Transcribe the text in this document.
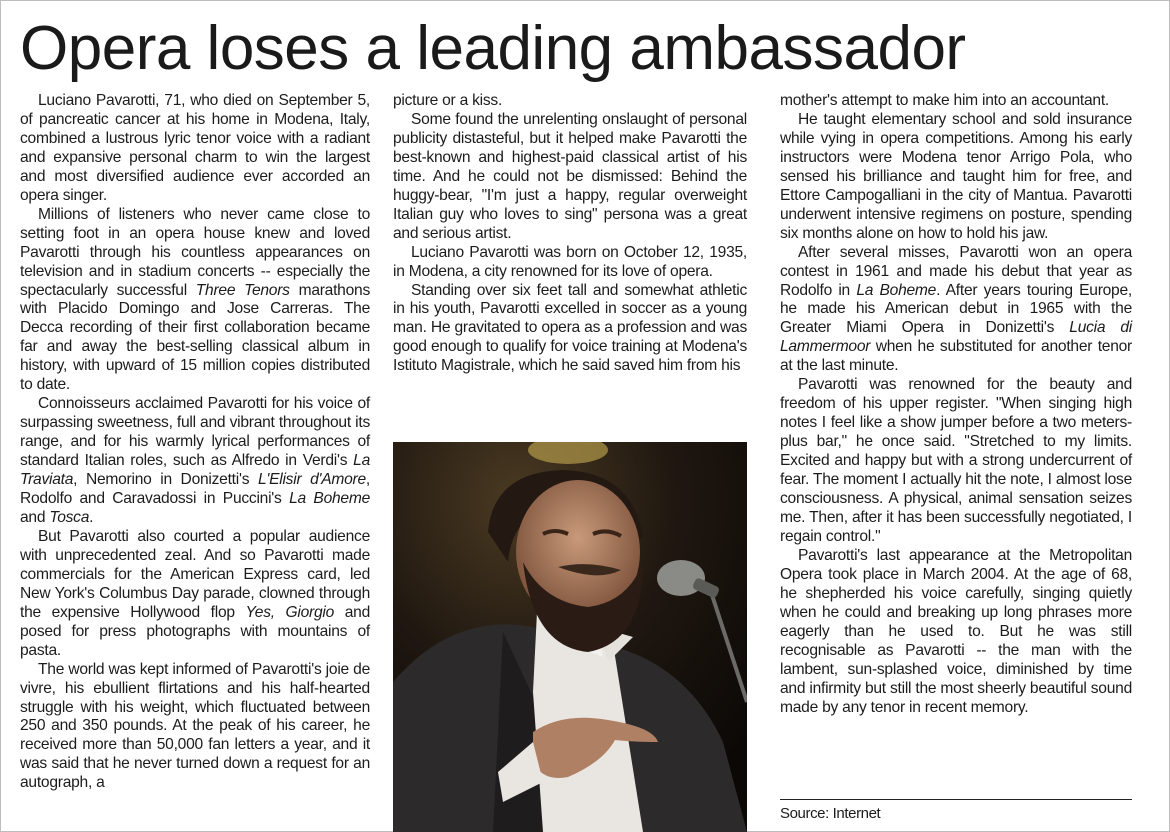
Opera loses a leading ambassador

Luciano Pavarotti, 71, who died on September 5, of pancreatic cancer at his home in Modena, Italy, combined a lustrous lyric tenor voice with a radiant and expansive personal charm to win the largest and most diversified audience ever accorded an opera singer.

Millions of listeners who never came close to setting foot in an opera house knew and loved Pavarotti through his countless appearances on television and in stadium concerts -- especially the spectacularly successful Three Tenors marathons with Placido Domingo and Jose Carreras. The Decca recording of their first collaboration became far and away the best-selling classical album in history, with upward of 15 million copies distributed to date.

Connoisseurs acclaimed Pavarotti for his voice of surpassing sweetness, full and vibrant throughout its range, and for his warmly lyrical performances of standard Italian roles, such as Alfredo in Verdi's La Traviata, Nemorino in Donizetti's L'Elisir d'Amore, Rodolfo and Caravadossi in Puccini's La Boheme and Tosca.

But Pavarotti also courted a popular audience with unprecedented zeal. And so Pavarotti made commercials for the American Express card, led New York's Columbus Day parade, clowned through the expensive Hollywood flop Yes, Giorgio and posed for press photographs with mountains of pasta.

The world was kept informed of Pavarotti's joie de vivre, his ebullient flirtations and his half-hearted struggle with his weight, which fluctuated between 250 and 350 pounds. At the peak of his career, he received more than 50,000 fan letters a year, and it was said that he never turned down a request for an autograph, a

picture or a kiss.

Some found the unrelenting onslaught of personal publicity distasteful, but it helped make Pavarotti the best-known and highest-paid classical artist of his time. And he could not be dismissed: Behind the huggy-bear, "I'm just a happy, regular overweight Italian guy who loves to sing" persona was a great and serious artist.

Luciano Pavarotti was born on October 12, 1935, in Modena, a city renowned for its love of opera.

Standing over six feet tall and somewhat athletic in his youth, Pavarotti excelled in soccer as a young man. He gravitated to opera as a profession and was good enough to qualify for voice training at Modena's Istituto Magistrale, which he said saved him from his

mother's attempt to make him into an accountant.

He taught elementary school and sold insurance while vying in opera competitions. Among his early instructors were Modena tenor Arrigo Pola, who sensed his brilliance and taught him for free, and Ettore Campogalliani in the city of Mantua. Pavarotti underwent intensive regimens on posture, spending six months alone on how to hold his jaw.

After several misses, Pavarotti won an opera contest in 1961 and made his debut that year as Rodolfo in La Boheme. After years touring Europe, he made his American debut in 1965 with the Greater Miami Opera in Donizetti's Lucia di Lammermoor when he substituted for another tenor at the last minute.

Pavarotti was renowned for the beauty and freedom of his upper register. "When singing high notes I feel like a show jumper before a two meters-plus bar," he once said. "Stretched to my limits. Excited and happy but with a strong undercurrent of fear. The moment I actually hit the note, I almost lose consciousness. A physical, animal sensation seizes me. Then, after it has been successfully negotiated, I regain control."

Pavarotti's last appearance at the Metropolitan Opera took place in March 2004. At the age of 68, he shepherded his voice carefully, singing quietly when he could and breaking up long phrases more eagerly than he used to. But he was still recognisable as Pavarotti -- the man with the lambent, sun-splashed voice, diminished by time and infirmity but still the most sheerly beautiful sound made by any tenor in recent memory.

Source: Internet
